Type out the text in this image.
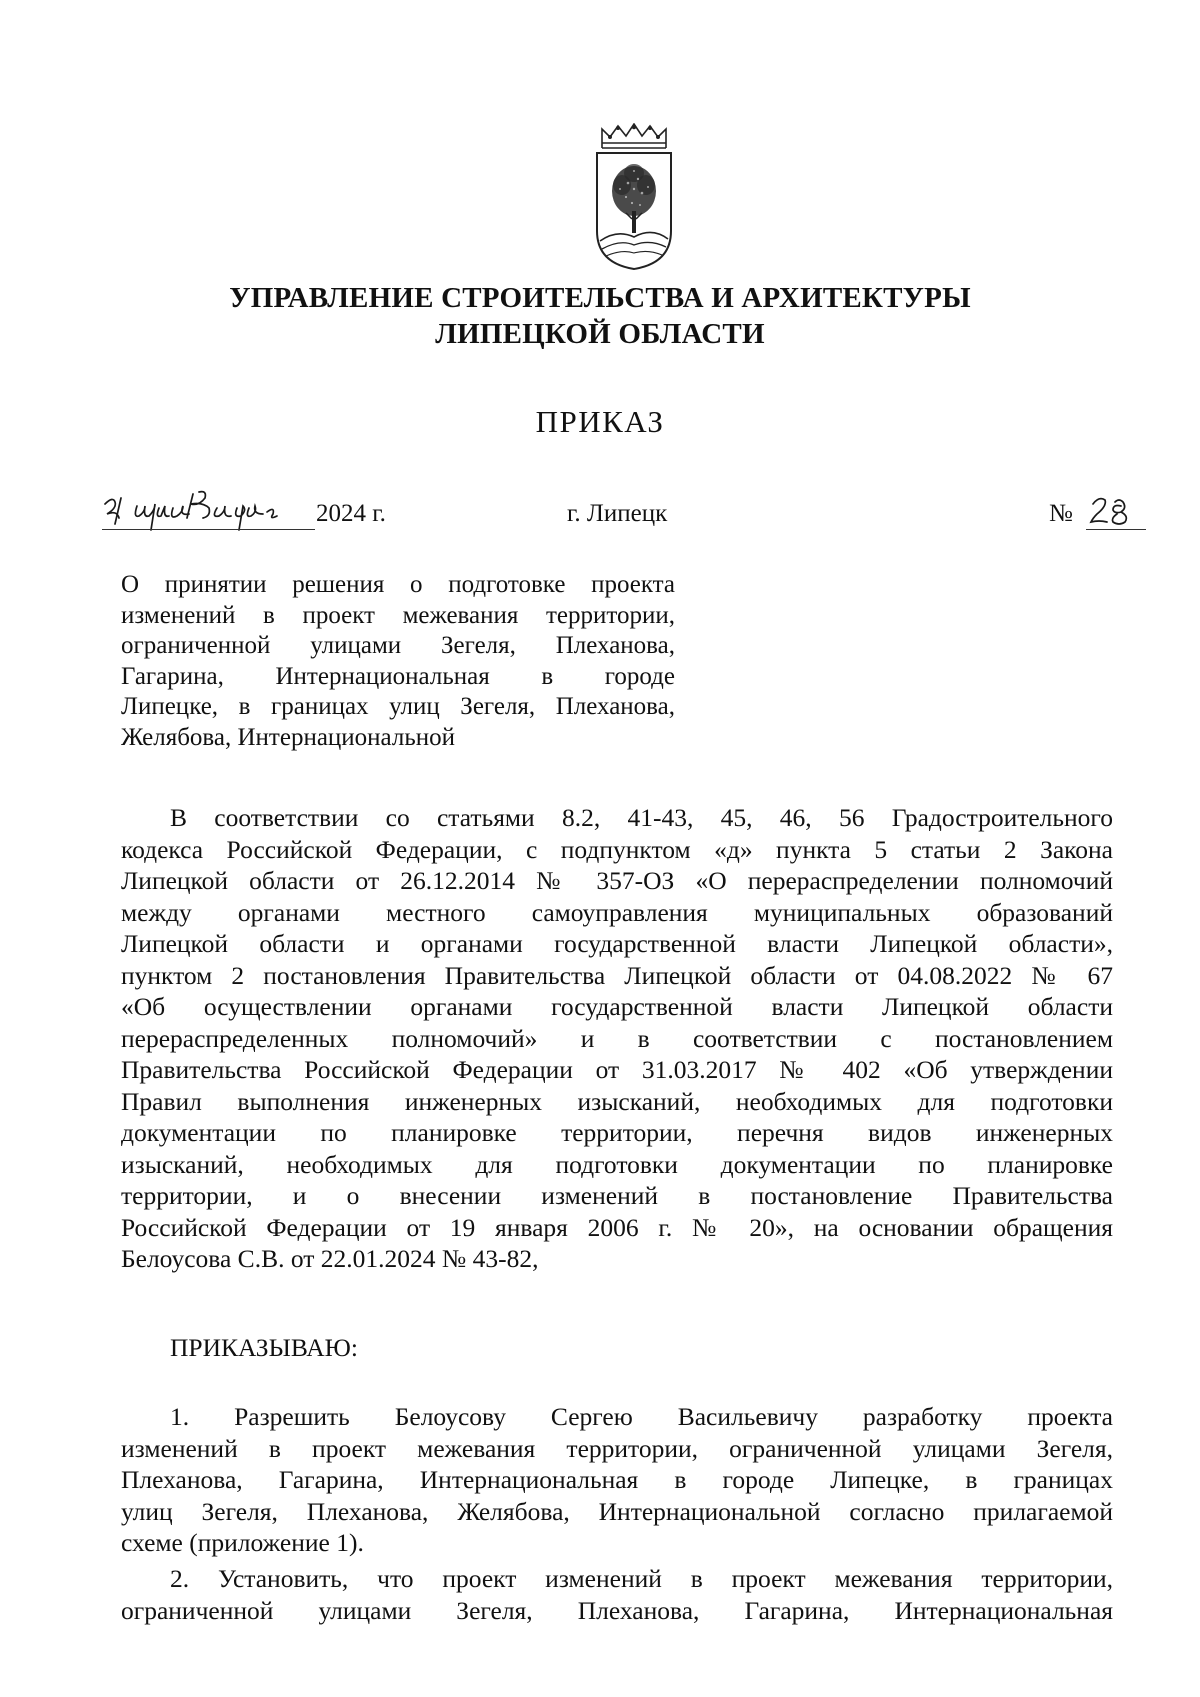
УПРАВЛЕНИЕ СТРОИТЕЛЬСТВА И АРХИТЕКТУРЫ
ЛИПЕЦКОЙ ОБЛАСТИ
ПРИКАЗ
2024 г.	г. Липецк	№
О принятии решения о подготовке проекта
изменений в проект межевания территории,
ограниченной улицами Зегеля, Плеханова,
Гагарина, Интернациональная в городе
Липецке, в границах улиц Зегеля, Плеханова,
Желябова, Интернациональной
В соответствии со статьями 8.2, 41-43, 45, 46, 56 Градостроительного
кодекса Российской Федерации, с подпунктом «д» пункта 5 статьи 2 Закона
Липецкой области от 26.12.2014 № 357-ОЗ «О перераспределении полномочий
между органами местного самоуправления муниципальных образований
Липецкой области и органами государственной власти Липецкой области»,
пунктом 2 постановления Правительства Липецкой области от 04.08.2022 № 67
«Об осуществлении органами государственной власти Липецкой области
перераспределенных полномочий» и в соответствии с постановлением
Правительства Российской Федерации от 31.03.2017 № 402 «Об утверждении
Правил выполнения инженерных изысканий, необходимых для подготовки
документации по планировке территории, перечня видов инженерных
изысканий, необходимых для подготовки документации по планировке
территории, и о внесении изменений в постановление Правительства
Российской Федерации от 19 января 2006 г. № 20», на основании обращения
Белоусова С.В. от 22.01.2024 № 43-82,
ПРИКАЗЫВАЮ:
1. Разрешить Белоусову Сергею Васильевичу разработку проекта
изменений в проект межевания территории, ограниченной улицами Зегеля,
Плеханова, Гагарина, Интернациональная в городе Липецке, в границах
улиц Зегеля, Плеханова, Желябова, Интернациональной согласно прилагаемой
схеме (приложение 1).
2. Установить, что проект изменений в проект межевания территории,
ограниченной улицами Зегеля, Плеханова, Гагарина, Интернациональная
